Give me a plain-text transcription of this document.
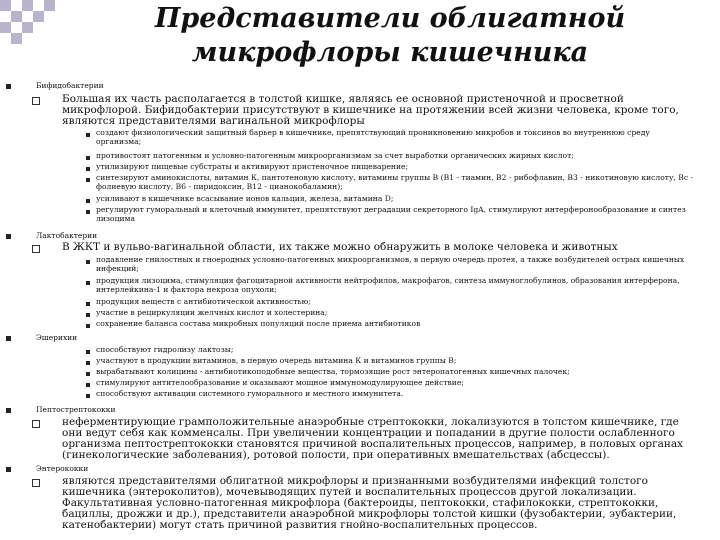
Представители облигатной микрофлоры кишечника
Бифидобактерии

Большая их часть располагается в толстой кишке, являясь ее основной пристеночной и просветной микрофлорой. Бифидобактерии присутствуют в кишечнике на протяжении всей жизни человека, кроме того, являются представителями вагинальной микрофлоры

создают физиологический защитный барьер в кишечнике, препятствующий проникновению микробов и токсинов во внутреннюю среду организма;

противостоят патогенным и условно-патогенным микроорганизмам за счет выработки органических жирных кислот;

утилизируют пищевые субстраты и активируют пристеночное пищеварение;

синтезируют аминокислоты, витамин К, пантотеновую кислоту, витамины группы В (В1 - тиамин, В2 - рибофлавин, В3 - никотиновую кислоту, Вс - фолиевую кислоту, В6 - пиридоксин, В12 - цианокобаламин);

усиливают в кишечнике всасывание ионов кальция, железа, витамина D;

регулируют гуморальный и клеточный иммунитет, препятствуют деградации секреторного IgA, стимулируют интерферонообразование и синтез лизоцима

Лактобактерии

В ЖКТ и вульво-вагинальной области, их также можно обнаружить в молоке человека и животных

подавление гнилостных и гноеродных условно-патогенных микроорганизмов, в первую очередь протея, а также возбудителей острых кишечных инфекций;

продукция лизоцима, стимуляция фагоцитарной активности нейтрофилов, макрофагов, синтеза иммуноглобулинов, образования интерферона, интерлейкина-1 и фактора некроза опухоли;

продукция веществ с антибиотической активностью;

участие в рециркуляции желчных кислот и холестерина;

сохранение баланса состава микробных популяций после приема антибиотиков

Эшерихии

способствуют гидролизу лактозы;

участвуют в продукции витаминов, в первую очередь витамина К и витаминов группы В;

вырабатывают колицины - антибиотикоподобные вещества, тормозящие рост энтеропатогенных кишечных палочек;

стимулируют антителообразование и оказывают мощное иммуномодулирующее действие;

способствуют активации системного гуморального и местного иммунитета.

Пептострептококки

неферментирующие грамположительные анаэробные стрептококки, локализуются в толстом кишечнике, где они ведут себя как комменсалы. При увеличении концентрации и попадании в другие полости ослабленного организма пептострептококки становятся причиной воспалительных процессов, например, в половых органах (гинекологические заболевания), ротовой полости, при оперативных вмешательствах (абсцессы).

Энтерококки

являются представителями облигатной микрофлоры и признанными возбудителями инфекций толстого кишечника (энтероколитов), мочевыводящих путей и воспалительных процессов другой локализации. Факультативная условно-патогенная микрофлора (бактероиды, пептококки, стафилококки, стрептококки, бациллы, дрожжи и др.), представители анаэробной микрофлоры толстой кишки (фузобактерии, эубактерии, катенобактерии) могут стать причиной развития гнойно-воспалительных процессов.
